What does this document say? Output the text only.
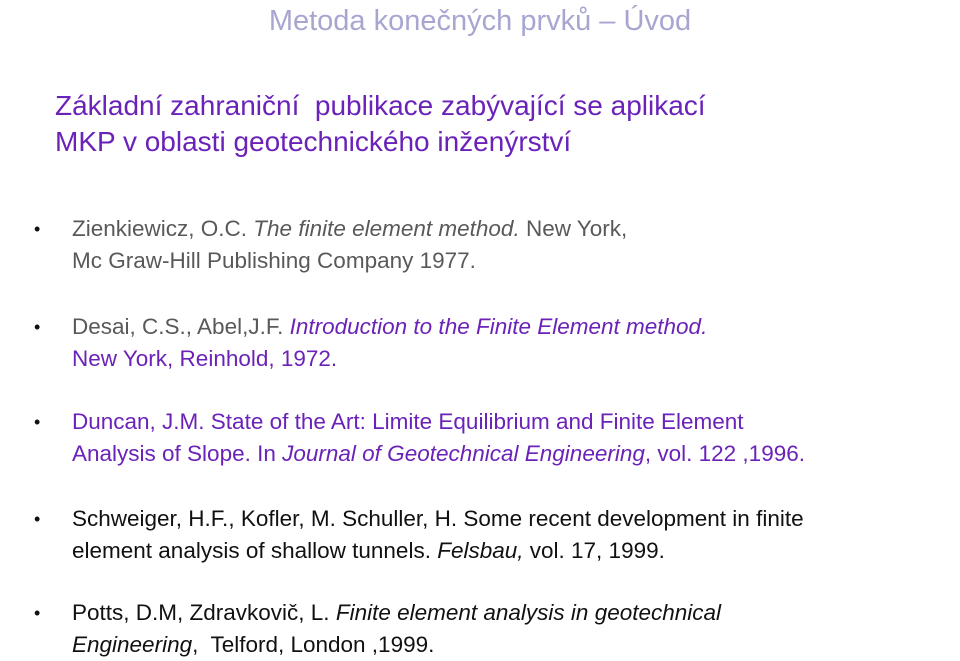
Metoda konečných prvků – Úvod
Základní zahraniční  publikace zabývající se aplikací
MKP v oblasti geotechnického inženýrství
• Zienkiewicz, O.C. The finite element method. New York,
Mc Graw-Hill Publishing Company 1977.
• Desai, C.S., Abel,J.F. Introduction to the Finite Element method.
New York, Reinhold, 1972.
• Duncan, J.M. State of the Art: Limite Equilibrium and Finite Element
Analysis of Slope. In Journal of Geotechnical Engineering, vol. 122 ,1996.
• Schweiger, H.F., Kofler, M. Schuller, H. Some recent development in finite
element analysis of shallow tunnels. Felsbau, vol. 17, 1999.
• Potts, D.M, Zdravkovič, L. Finite element analysis in geotechnical
Engineering,  Telford, London ,1999.
